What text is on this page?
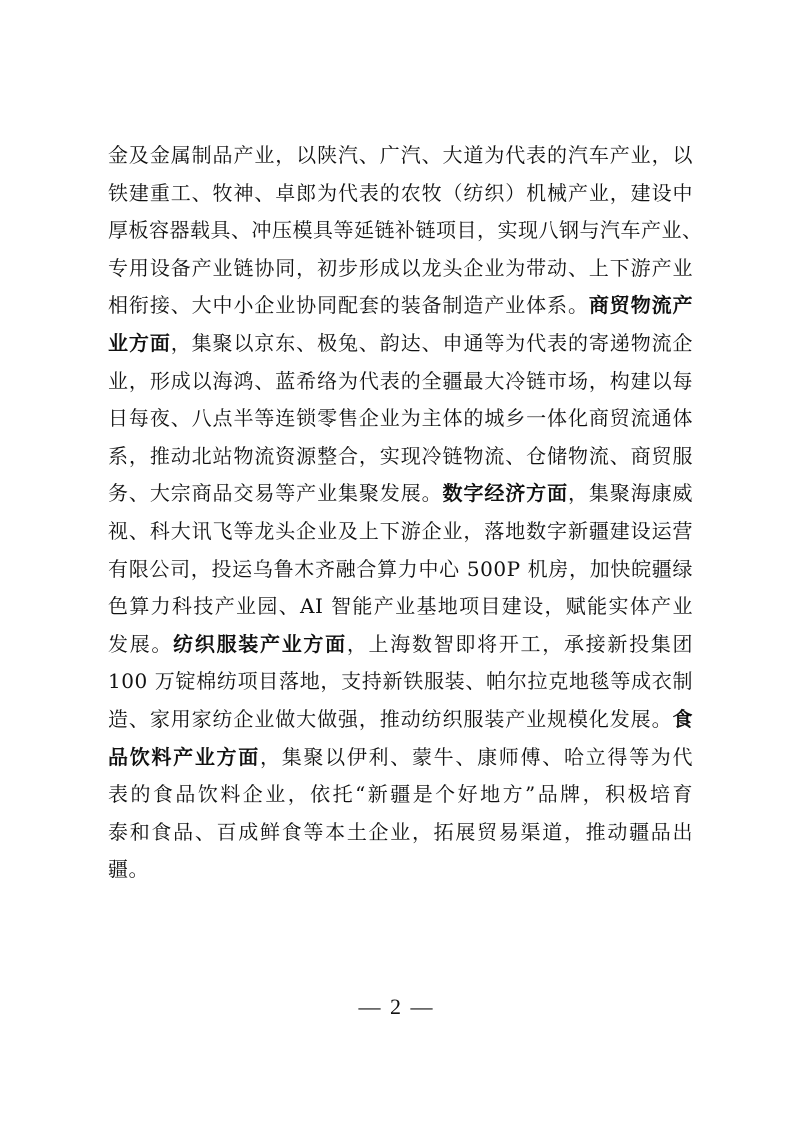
金及金属制品产业，以陕汽、广汽、大道为代表的汽车产业，以
铁建重工、牧神、卓郎为代表的农牧（纺织）机械产业，建设中
厚板容器载具、冲压模具等延链补链项目，实现八钢与汽车产业、
专用设备产业链协同，初步形成以龙头企业为带动、上下游产业
相衔接、大中小企业协同配套的装备制造产业体系。商贸物流产
业方面，集聚以京东、极兔、韵达、申通等为代表的寄递物流企
业，形成以海鸿、蓝希络为代表的全疆最大冷链市场，构建以每
日每夜、八点半等连锁零售企业为主体的城乡一体化商贸流通体
系，推动北站物流资源整合，实现冷链物流、仓储物流、商贸服
务、大宗商品交易等产业集聚发展。数字经济方面，集聚海康威
视、科大讯飞等龙头企业及上下游企业，落地数字新疆建设运营
有限公司，投运乌鲁木齐融合算力中心 500P 机房，加快皖疆绿
色算力科技产业园、AI 智能产业基地项目建设，赋能实体产业
发展。纺织服装产业方面，上海数智即将开工，承接新投集团
100 万锭棉纺项目落地，支持新铁服装、帕尔拉克地毯等成衣制
造、家用家纺企业做大做强，推动纺织服装产业规模化发展。食
品饮料产业方面，集聚以伊利、蒙牛、康师傅、哈立得等为代
表的食品饮料企业，依托“新疆是个好地方”品牌，积极培育
泰和食品、百成鲜食等本土企业，拓展贸易渠道，推动疆品出
疆。
— 2 —
